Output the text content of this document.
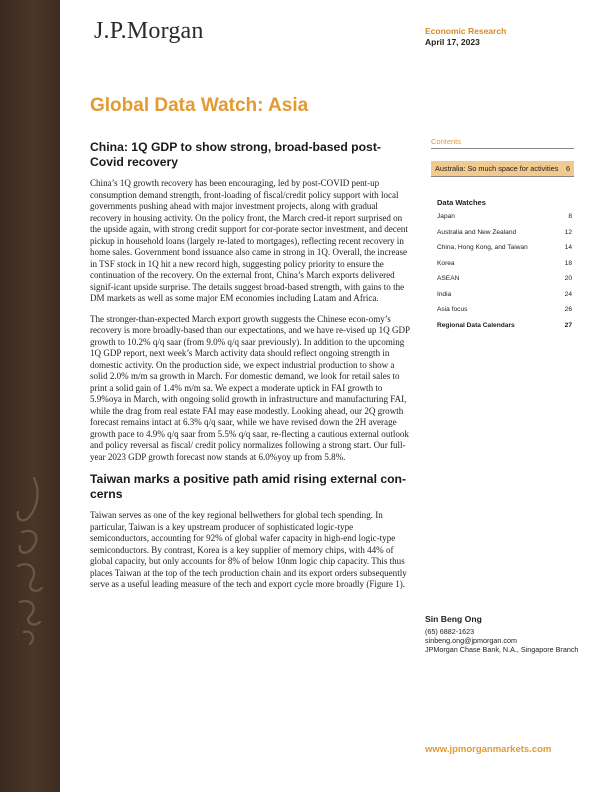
J.P.Morgan	Economic Research
April 17, 2023
Global Data Watch: Asia
China: 1Q GDP to show strong, broad-based post-Covid recovery

China’s 1Q growth recovery has been encouraging, led by post-COVID pent-up consumption demand strength, front-loading of fiscal/credit policy support with local governments pushing ahead with major investment projects, along with gradual recovery in housing activity. On the policy front, the March cred-it report surprised on the upside again, with strong credit support for cor-porate sector investment, and decent pickup in household loans (largely re-lated to mortgages), reflecting recent recovery in home sales. Government bond issuance also came in strong in 1Q. Overall, the increase in TSF stock in 1Q hit a new record high, suggesting policy priority to ensure the continuation of the recovery. On the external front, China’s March exports delivered signif-icant upside surprise. The details suggest broad-based strength, with gains to the DM markets as well as some major EM economies including Latam and Africa.

The stronger-than-expected March export growth suggests the Chinese econ-omy’s recovery is more broadly-based than our expectations, and we have re-vised up 1Q GDP growth to 10.2% q/q saar (from 9.0% q/q saar previously). In addition to the upcoming 1Q GDP report, next week’s March activity data should reflect ongoing strength in domestic activity. On the production side, we expect industrial production to show a solid 2.0% m/m sa growth in March. For domestic demand, we look for retail sales to print a solid gain of 1.4% m/m sa. We expect a moderate uptick in FAI growth to 5.9%oya in March, with ongoing solid growth in infrastructure and manufacturing FAI, while the drag from real estate FAI may ease modestly. Looking ahead, our 2Q growth forecast remains intact at 6.3% q/q saar, while we have revised down the 2H average growth pace to 4.9% q/q saar from 5.5% q/q saar, re-flecting a cautious external outlook and policy reversal as fiscal/ credit policy normalizes following a strong start. Our full-year 2023 GDP growth forecast now stands at 6.0%yoy up from 5.8%.

Taiwan marks a positive path amid rising external con-cerns

Taiwan serves as one of the key regional bellwethers for global tech spending. In particular, Taiwan is a key upstream producer of sophisticated logic-type semiconductors, accounting for 92% of global wafer capacity in high-end logic-type semiconductors. By contrast, Korea is a key supplier of memory chips, with 44% of global capacity, but only accounts for 8% of below 10nm logic chip capacity. This thus places Taiwan at the top of the tech production chain and its export orders subsequently serve as a useful leading measure of the tech and export cycle more broadly (Figure 1).

Contents
Australia: So much space for activities 6
Data Watches
Japan	8
Australia and New Zealand	12
China, Hong Kong, and Taiwan	14
Korea	18
ASEAN	20
India	24
Asia focus	26
Regional Data Calendars	27
Sin Beng Ong
(65) 6882-1623
sinbeng.ong@jpmorgan.com
JPMorgan Chase Bank, N.A., Singapore Branch
www.jpmorganmarkets.com
